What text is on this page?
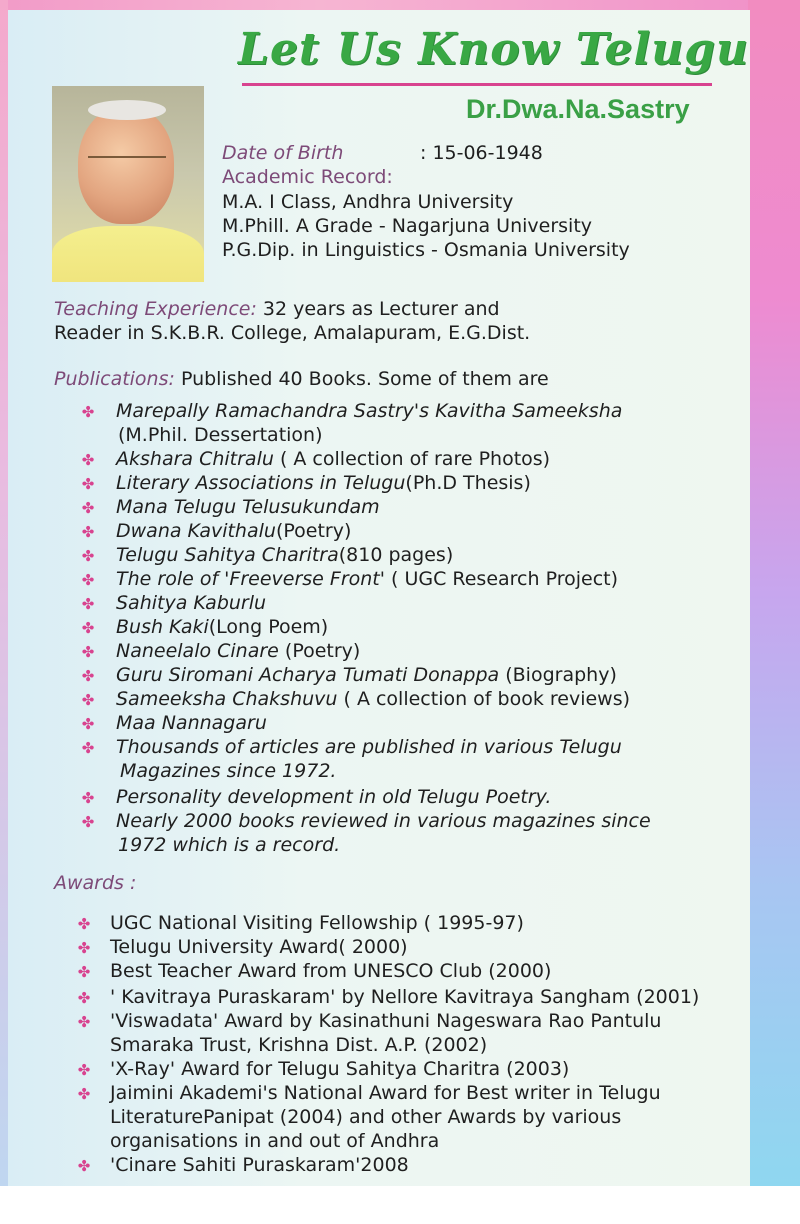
Let Us Know Telugu
Dr.Dwa.Na.Sastry
Date of Birth	: 15-06-1948
Academic Record:
M.A. I Class, Andhra University
M.Phill. A Grade - Nagarjuna University
P.G.Dip. in Linguistics - Osmania University
Teaching Experience: 32 years as Lecturer and
Reader in S.K.B.R. College, Amalapuram, E.G.Dist.
Publications: Published 40 Books. Some of them are
✤ Marepally Ramachandra Sastry's Kavitha Sameeksha
(M.Phil. Dessertation)
✤ Akshara Chitralu ( A collection of rare Photos)
✤ Literary Associations in Telugu(Ph.D Thesis)
✤ Mana Telugu Telusukundam
✤ Dwana Kavithalu(Poetry)
✤ Telugu Sahitya Charitra(810 pages)
✤ The role of 'Freeverse Front' ( UGC Research Project)
✤ Sahitya Kaburlu
✤ Bush Kaki(Long Poem)
✤ Naneelalo Cinare (Poetry)
✤ Guru Siromani Acharya Tumati Donappa (Biography)
✤ Sameeksha Chakshuvu ( A collection of book reviews)
✤ Maa Nannagaru
✤ Thousands of articles are published in various Telugu
Magazines since 1972.
✤ Personality development in old Telugu Poetry.
✤ Nearly 2000 books reviewed in various magazines since
1972 which is a record.
Awards :
✤ UGC National Visiting Fellowship ( 1995-97)
✤ Telugu University Award( 2000)
✤ Best Teacher Award from UNESCO Club (2000)
✤ ' Kavitraya Puraskaram' by Nellore Kavitraya Sangham (2001)
✤ 'Viswadata' Award by Kasinathuni Nageswara Rao Pantulu
Smaraka Trust, Krishna Dist. A.P. (2002)
✤ 'X-Ray' Award for Telugu Sahitya Charitra (2003)
✤ Jaimini Akademi's National Award for Best writer in Telugu
LiteraturePanipat (2004) and other Awards by various
organisations in and out of Andhra
✤ 'Cinare Sahiti Puraskaram'2008
